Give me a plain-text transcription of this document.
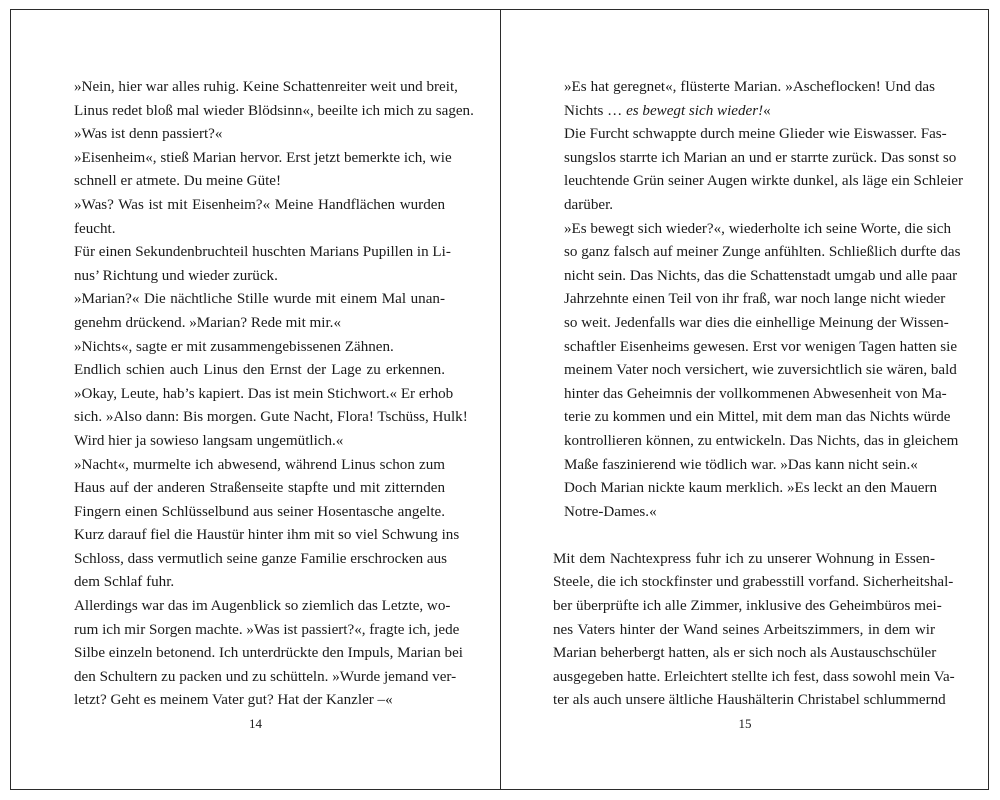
»Nein, hier war alles ruhig. Keine Schattenreiter weit und breit,
Linus redet bloß mal wieder Blödsinn«, beeilte ich mich zu sagen.
»Was ist denn passiert?«

»Eisenheim«, stieß Marian hervor. Erst jetzt bemerkte ich, wie
schnell er atmete. Du meine Güte!

»Was? Was ist mit Eisenheim?« Meine Handflächen wurden
feucht.

Für einen Sekundenbruchteil huschten Marians Pupillen in Li-
nus’ Richtung und wieder zurück.

»Marian?« Die nächtliche Stille wurde mit einem Mal unan-
genehm drückend. »Marian? Rede mit mir.«

»Nichts«, sagte er mit zusammengebissenen Zähnen.

Endlich schien auch Linus den Ernst der Lage zu erkennen.
»Okay, Leute, hab’s kapiert. Das ist mein Stichwort.« Er erhob
sich. »Also dann: Bis morgen. Gute Nacht, Flora! Tschüss, Hulk!
Wird hier ja sowieso langsam ungemütlich.«

»Nacht«, murmelte ich abwesend, während Linus schon zum
Haus auf der anderen Straßenseite stapfte und mit zitternden
Fingern einen Schlüsselbund aus seiner Hosentasche angelte.
Kurz darauf fiel die Haustür hinter ihm mit so viel Schwung ins
Schloss, dass vermutlich seine ganze Familie erschrocken aus
dem Schlaf fuhr.

Allerdings war das im Augenblick so ziemlich das Letzte, wo-
rum ich mir Sorgen machte. »Was ist passiert?«, fragte ich, jede
Silbe einzeln betonend. Ich unterdrückte den Impuls, Marian bei
den Schultern zu packen und zu schütteln. »Wurde jemand ver-
letzt? Geht es meinem Vater gut? Hat der Kanzler –«

14

»Es hat geregnet«, flüsterte Marian. »Ascheflocken! Und das
Nichts … es bewegt sich wieder!«

Die Furcht schwappte durch meine Glieder wie Eiswasser. Fas-
sungslos starrte ich Marian an und er starrte zurück. Das sonst so
leuchtende Grün seiner Augen wirkte dunkel, als läge ein Schleier
darüber.

»Es bewegt sich wieder?«, wiederholte ich seine Worte, die sich
so ganz falsch auf meiner Zunge anfühlten. Schließlich durfte das
nicht sein. Das Nichts, das die Schattenstadt umgab und alle paar
Jahrzehnte einen Teil von ihr fraß, war noch lange nicht wieder
so weit. Jedenfalls war dies die einhellige Meinung der Wissen-
schaftler Eisenheims gewesen. Erst vor wenigen Tagen hatten sie
meinem Vater noch versichert, wie zuversichtlich sie wären, bald
hinter das Geheimnis der vollkommenen Abwesenheit von Ma-
terie zu kommen und ein Mittel, mit dem man das Nichts würde
kontrollieren können, zu entwickeln. Das Nichts, das in gleichem
Maße faszinierend wie tödlich war. »Das kann nicht sein.«

Doch Marian nickte kaum merklich. »Es leckt an den Mauern
Notre-Dames.«

Mit dem Nachtexpress fuhr ich zu unserer Wohnung in Essen-
Steele, die ich stockfinster und grabesstill vorfand. Sicherheitshal-
ber überprüfte ich alle Zimmer, inklusive des Geheimbüros mei-
nes Vaters hinter der Wand seines Arbeitszimmers, in dem wir
Marian beherbergt hatten, als er sich noch als Austauschschüler
ausgegeben hatte. Erleichtert stellte ich fest, dass sowohl mein Va-
ter als auch unsere ältliche Haushälterin Christabel schlummernd

15
